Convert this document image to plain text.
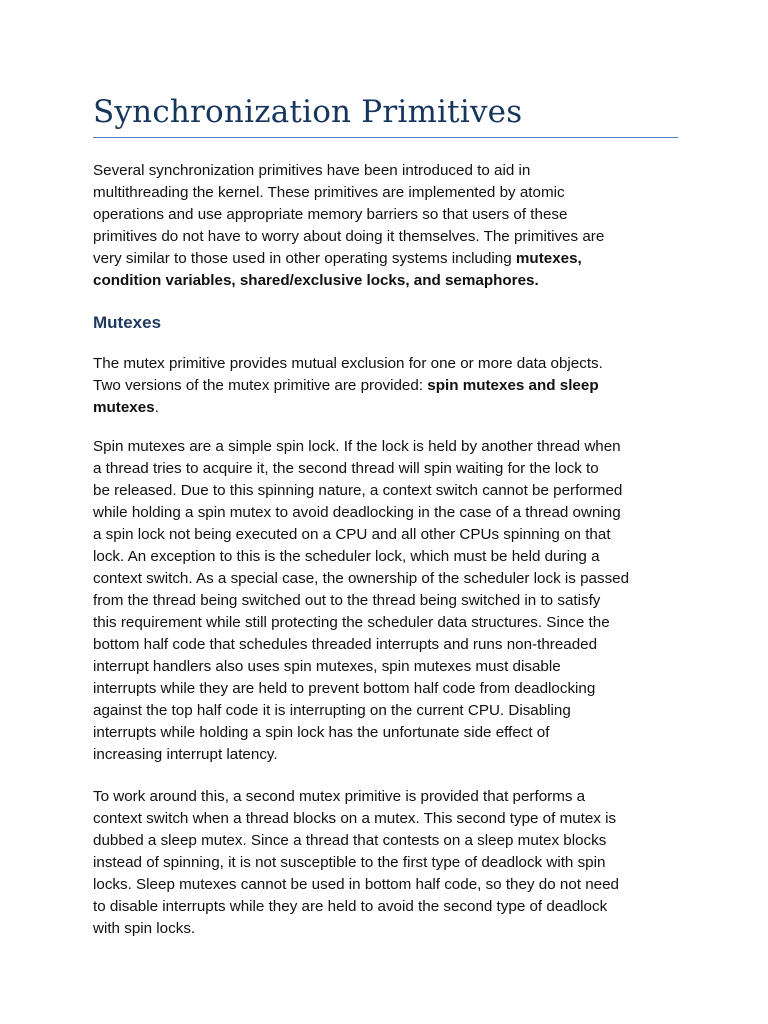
Synchronization Primitives

Several synchronization primitives have been introduced to aid in
multithreading the kernel. These primitives are implemented by atomic
operations and use appropriate memory barriers so that users of these
primitives do not have to worry about doing it themselves. The primitives are
very similar to those used in other operating systems including mutexes,
condition variables, shared/exclusive locks, and semaphores.

Mutexes

The mutex primitive provides mutual exclusion for one or more data objects.
Two versions of the mutex primitive are provided: spin mutexes and sleep
mutexes.

Spin mutexes are a simple spin lock. If the lock is held by another thread when
a thread tries to acquire it, the second thread will spin waiting for the lock to
be released. Due to this spinning nature, a context switch cannot be performed
while holding a spin mutex to avoid deadlocking in the case of a thread owning
a spin lock not being executed on a CPU and all other CPUs spinning on that
lock. An exception to this is the scheduler lock, which must be held during a
context switch. As a special case, the ownership of the scheduler lock is passed
from the thread being switched out to the thread being switched in to satisfy
this requirement while still protecting the scheduler data structures. Since the
bottom half code that schedules threaded interrupts and runs non-threaded
interrupt handlers also uses spin mutexes, spin mutexes must disable
interrupts while they are held to prevent bottom half code from deadlocking
against the top half code it is interrupting on the current CPU. Disabling
interrupts while holding a spin lock has the unfortunate side effect of
increasing interrupt latency.

To work around this, a second mutex primitive is provided that performs a
context switch when a thread blocks on a mutex. This second type of mutex is
dubbed a sleep mutex. Since a thread that contests on a sleep mutex blocks
instead of spinning, it is not susceptible to the first type of deadlock with spin
locks. Sleep mutexes cannot be used in bottom half code, so they do not need
to disable interrupts while they are held to avoid the second type of deadlock
with spin locks.
